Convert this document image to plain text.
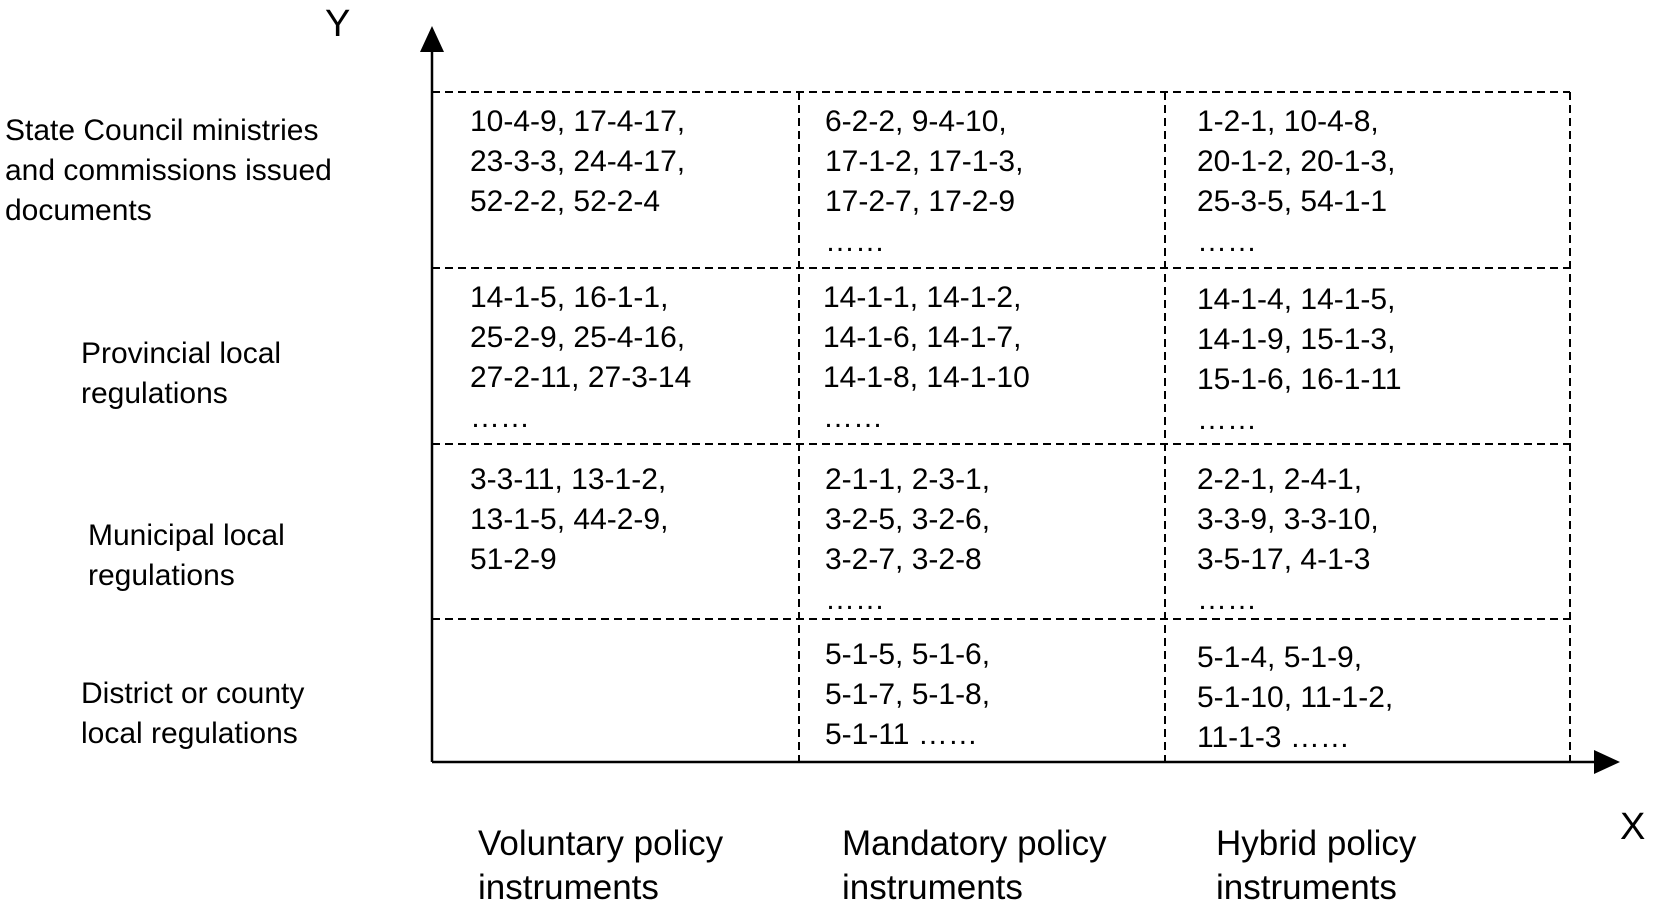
Y
X
State Council ministries
and commissions issued
documents
Provincial local
regulations
Municipal local
regulations
District or county
local regulations
Voluntary policy
instruments
Mandatory policy
instruments
Hybrid policy
instruments
10-4-9, 17-4-17,
23-3-3, 24-4-17,
52-2-2, 52-2-4
6-2-2, 9-4-10,
17-1-2, 17-1-3,
17-2-7, 17-2-9
……
1-2-1, 10-4-8,
20-1-2, 20-1-3,
25-3-5, 54-1-1
……
14-1-5, 16-1-1,
25-2-9, 25-4-16,
27-2-11, 27-3-14
……
14-1-1, 14-1-2,
14-1-6, 14-1-7,
14-1-8, 14-1-10
……
14-1-4, 14-1-5,
14-1-9, 15-1-3,
15-1-6, 16-1-11
……
3-3-11, 13-1-2,
13-1-5, 44-2-9,
51-2-9
2-1-1, 2-3-1,
3-2-5, 3-2-6,
3-2-7, 3-2-8
……
2-2-1, 2-4-1,
3-3-9, 3-3-10,
3-5-17, 4-1-3
……
5-1-5, 5-1-6,
5-1-7, 5-1-8,
5-1-11 ……
5-1-4, 5-1-9,
5-1-10, 11-1-2,
11-1-3 ……
